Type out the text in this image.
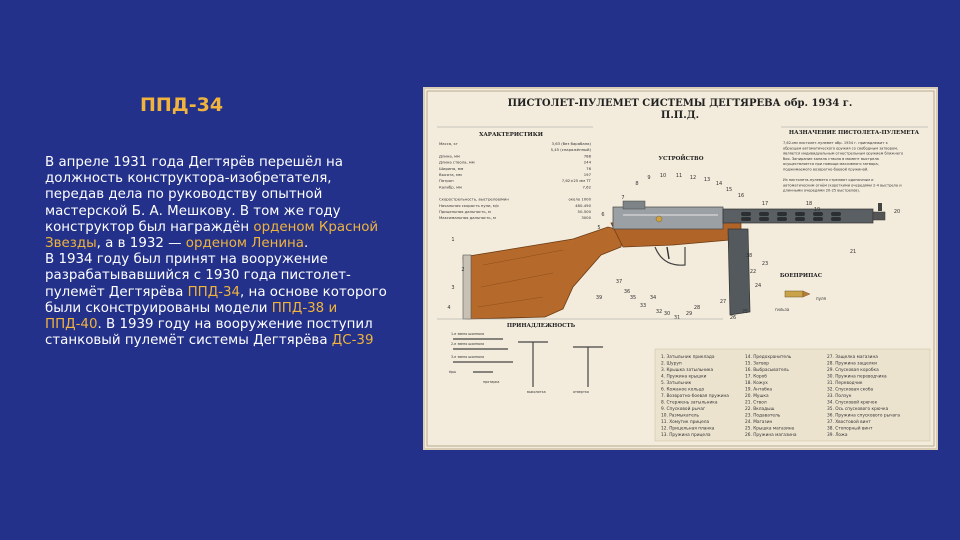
ППД-34

В апреле 1931 года Дегтярёв перешёл на должность конструктора-изобретателя, передав дела по руководству опытной мастерской Б. А. Мешкову. В том же году конструктор был награждён орденом Красной Звезды, а в 1932 — орденом Ленина.

В 1934 году был принят на вооружение разрабатывавшийся с 1930 года пистолет-пулемёт Дегтярёва ППД-34, на основе которого были сконструированы модели ППД-38 и ППД-40. В 1939 году на вооружение поступил станковый пулемёт системы Дегтярёва ДС-39

ПИСТОЛЕТ-ПУЛЕМЕТ СИСТЕМЫ ДЕГТЯРЕВА обр. 1934 г.
П.П.Д.
ХАРАКТЕРИСТИКИ
Масса, кг	3,63 (без барабана)
5,45 (снаряжённый)
Длина, мм	788
Длина ствола, мм	244
Ширина, мм	76
Высота, мм	197
Патрон	7,62×25 мм ТТ
Калибр, мм	7,62
Скорострельность, выстрелов/мин	около 1000
Начальная скорость пули, м/с	480-490
Прицельная дальность, м	50-500
Максимальная дальность, м	3000
УСТРОЙСТВО
НАЗНАЧЕНИЕ ПИСТОЛЕТА-ПУЛЕМЕТА
7,62-мм пистолет-пулемет обр. 1934 г. принадлежит к
образцам автоматического оружия со свободным затвором,
является индивидуальным огнестрельным оружием ближнего
боя. Запирание канала ствола в момент выстрела
осуществляется при помощи массивного затвора,
поджимаемого возвратно-боевой пружиной.
Из пистолета-пулемета стреляют одиночным и
автоматическим огнём (короткими очередями 2-4 выстрела и
длинными очередями 20-25 выстрелов).
1
2
3
4
5
6
7
8
9 10 11 12 13
14
15
16
17	18
19	20
21
22
23
24
25
26
27
28
29
30
31
32
33
34
35
36
37
38
39
БОЕПРИПАС
пуля
гильза
ПРИНАДЛЕЖНОСТЬ
1-е звено шомпола
2-е звено шомпола
3-е звено шомпола
ёрш
протирка
выколотка	отвертка
1. Затыльник приклада
2. Шуруп
3. Крышка затыльника
4. Пружина крышки
5. Затыльник
6. Кожаное кольцо
7. Возвратно-боевая пружина
8. Стержень затыльника
9. Спусковой рычаг
10. Размыкатель
11. Хомутик прицела
12. Прицельная планка
13. Пружина прицела
14. Предохранитель
15. Затвор
16. Выбрасыватель
17. Короб
18. Кожух
19. Антабка
20. Мушка
21. Ствол
22. Вкладыш
23. Подаватель
24. Магазин
25. Крышка магазина
26. Пружина магазина
27. Защелка магазина
28. Пружина защелки
29. Спусковая коробка
30. Пружина переводчика
31. Переводчик
32. Спусковая скоба
33. Ползун
34. Спусковой крючок
35. Ось спускового крючка
36. Пружина спускового рычага
37. Хвостовой винт
38. Стопорный винт
39. Ложа
